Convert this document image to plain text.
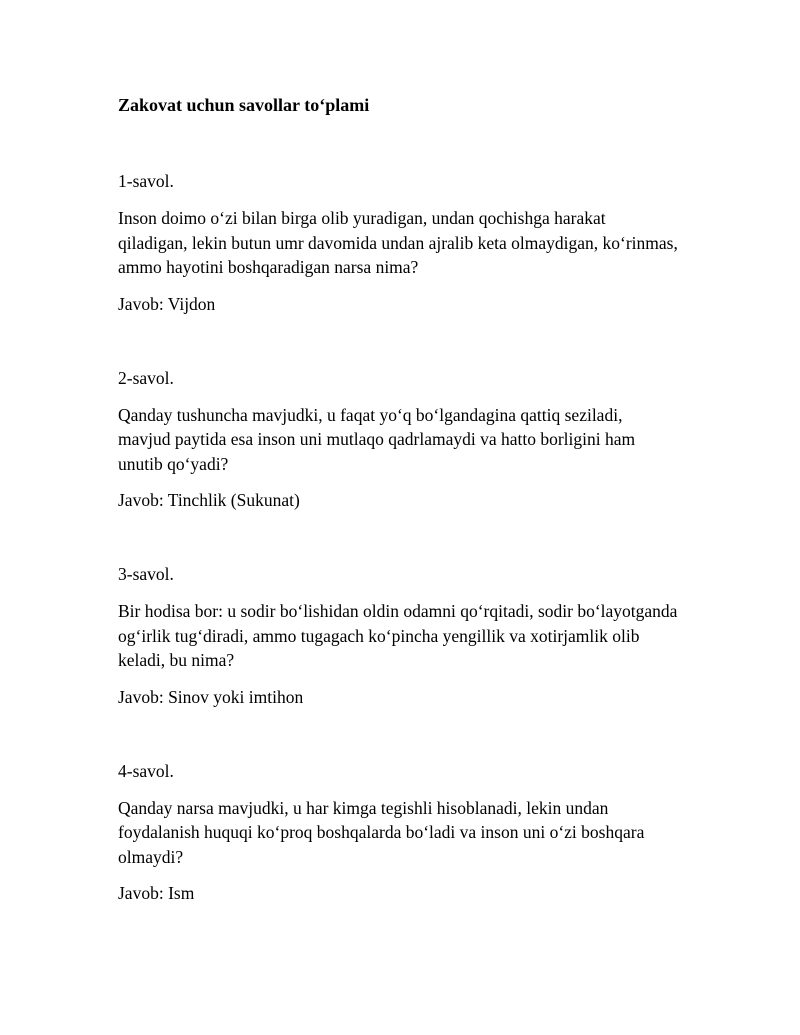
Zakovat uchun savollar to‘plami

1-savol.

Inson doimo o‘zi bilan birga olib yuradigan, undan qochishga harakat qiladigan, lekin butun umr davomida undan ajralib keta olmaydigan, ko‘rinmas, ammo hayotini boshqaradigan narsa nima?

Javob: Vijdon

2-savol.

Qanday tushuncha mavjudki, u faqat yo‘q bo‘lgandagina qattiq seziladi, mavjud paytida esa inson uni mutlaqo qadrlamaydi va hatto borligini ham unutib qo‘yadi?

Javob: Tinchlik (Sukunat)

3-savol.

Bir hodisa bor: u sodir bo‘lishidan oldin odamni qo‘rqitadi, sodir bo‘layotganda og‘irlik tug‘diradi, ammo tugagach ko‘pincha yengillik va xotirjamlik olib keladi, bu nima?

Javob: Sinov yoki imtihon

4-savol.

Qanday narsa mavjudki, u har kimga tegishli hisoblanadi, lekin undan foydalanish huquqi ko‘proq boshqalarda bo‘ladi va inson uni o‘zi boshqara olmaydi?

Javob: Ism
